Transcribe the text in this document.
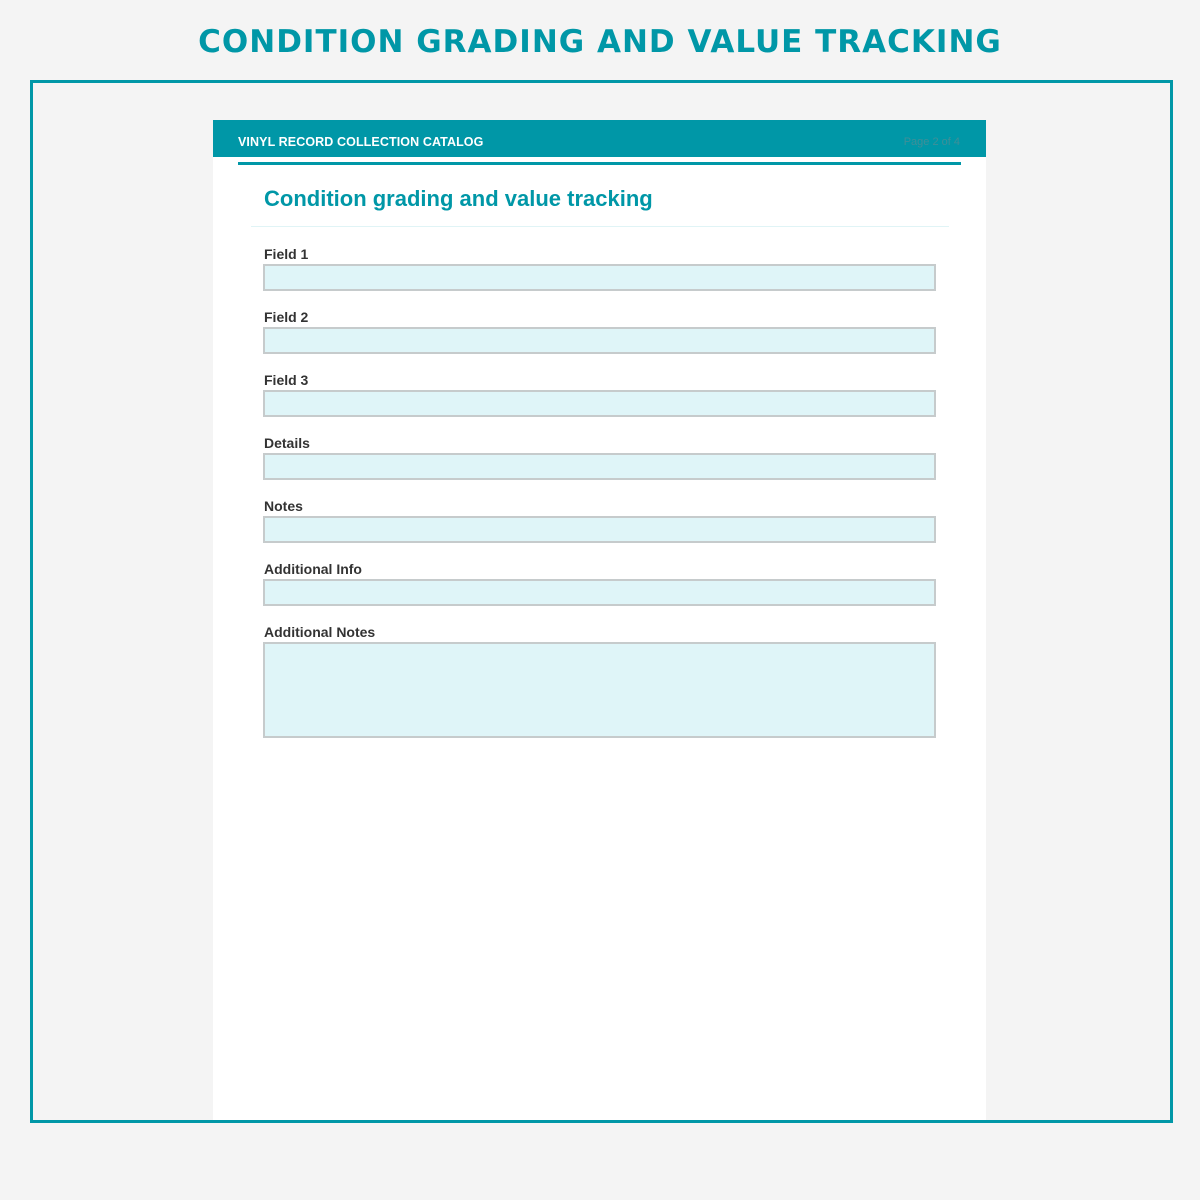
CONDITION GRADING AND VALUE TRACKING
VINYL RECORD COLLECTION CATALOG	Page 2 of 4
Condition grading and value tracking
Field 1
Field 2
Field 3
Details
Notes
Additional Info
Additional Notes
